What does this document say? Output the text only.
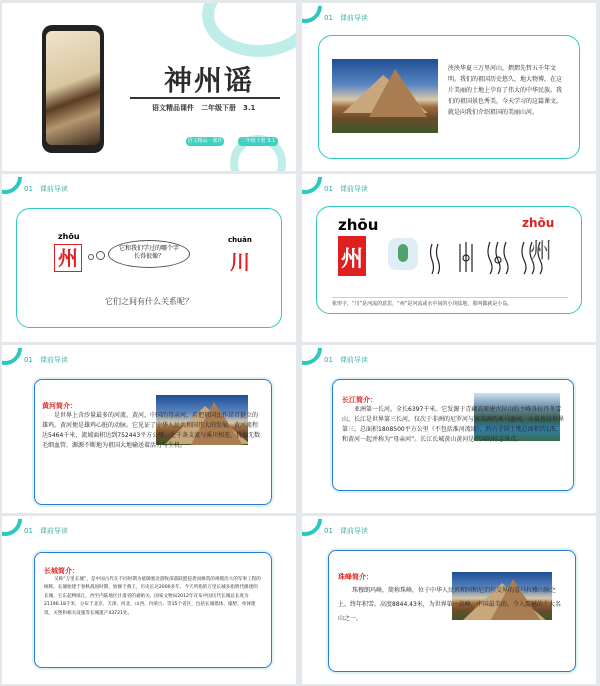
神州谣
语文精品课件　二年级下册　3.1
语文精品 · 课件	二年级下册 3.1
01　 课前导读
泱泱华夏三万里河山，熠熠先哲五千年文明。我们的祖国历史悠久，地大物博，在这片美丽的土地上孕育了伟大的中华民族。我们的祖国景色秀美，今天学习的这篇课文，就是向我们介绍祖国的美丽山河。
01　 课前导读
zhōu
州	它和我们学过的哪个字长得很像？
chuān
川
它们之间有什么关系呢？
01　 课前导读
zhōu
州
zhōu
州
象形字，“川”是河流的意思，“州”是河流或水中间的小块陆地，那叫做就是小岛。
01　 课前导读
黄河简介：
是世界上含沙量最多的河流。黄河，中国的母亲河，若把祖国比作昂首挺立的雄鸡，黄河便是雄鸡心脏的动脉。它见证了中华人民共和国伟大的发展。黄河流程达5464千米，流域面积达到752443平方公里，上千条支流与溪川相连，犹如无数毛细血管，源源不断地为祖国大地输送着活力与生机。
01　 课前导读
长江简介：
亚洲第一长河，全长6397千米。它发源于青藏高原唐古拉山的主峰各拉丹冬雪山，长江是世界第三长河，仅次于非洲的尼罗河与南美洲的亚马逊河，水量也是世界第三。总面积1808500平方公里（不包括淮河流域），约占全国土地总面积的1/5，和黄河一起并称为“母亲河”。长江长城黄山黄河是中国的标志景点。
01　 课前导读
长城简介：
又称“万里长城”，是中国古代在不同时期为抵御塞北游牧部落联盟侵袭而修筑的规模浩大的军事工程的统称。长城始建于春秋战国时期，始修于燕王，历史长达2000多年。今天所指的万里长城多指明代修建的长城，它东起鸭绿江，西至内陆地区甘肃省的嘉峪关。国家文物局2012年宣布中国历代长城总长度为21196.18千米，分布于北京、天津、河北、山西、内蒙古、等15个省区，包括长城墙体、壕堑、单体建筑、关堡和相关设施等长城遗产43721处。
01　 课前导读
珠峰简介：
珠穆朗玛峰，简称珠峰，位于中华人民共和国和尼泊尔交界的喜马拉雅山脉之上，终年积雪。高度8844.43米，为世界第一高峰，中国最美的、令人震撼的十大名山之一。
